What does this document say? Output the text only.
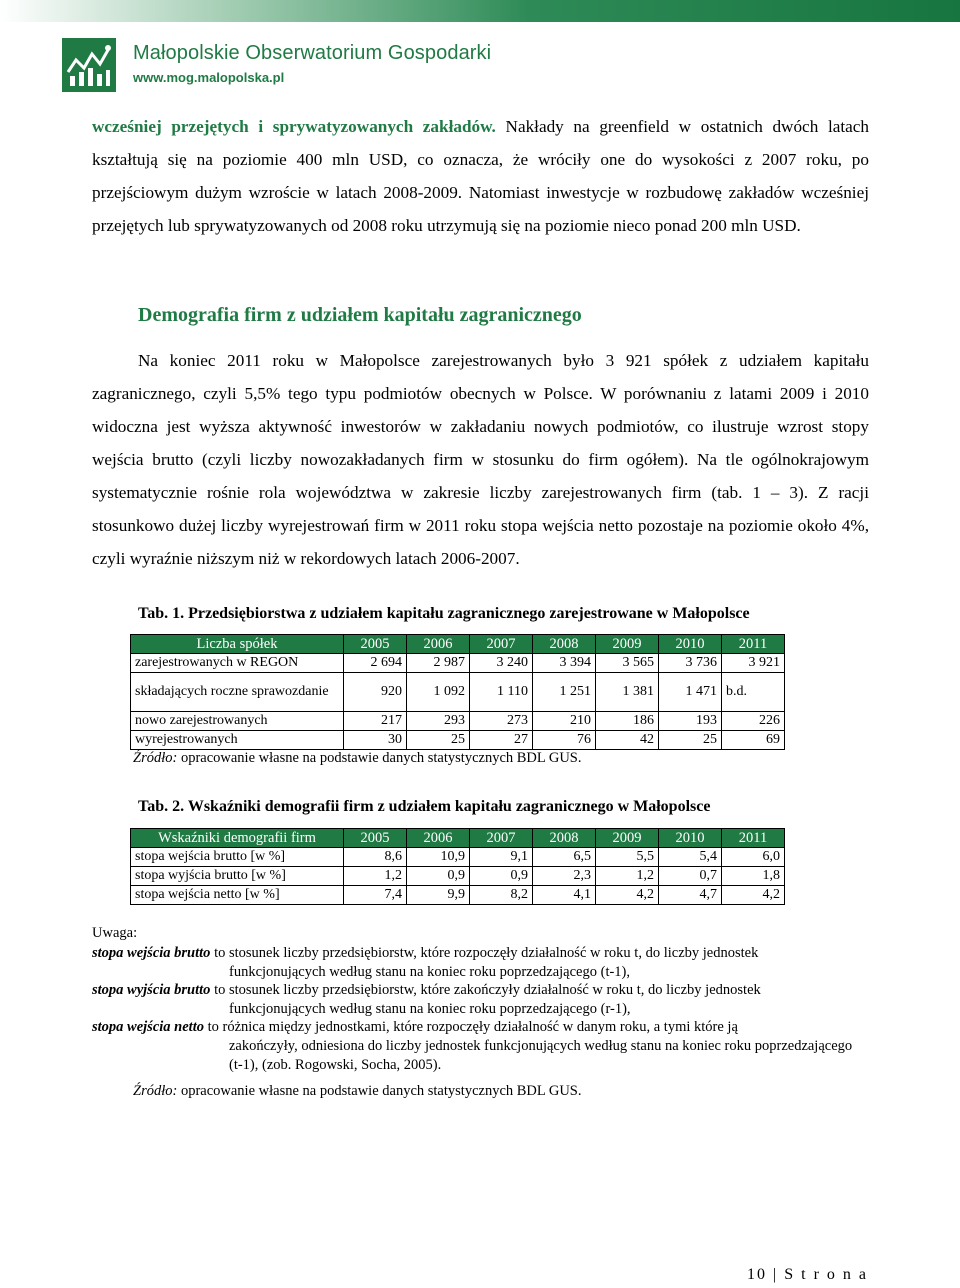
Małopolskie Obserwatorium Gospodarki
www.mog.malopolska.pl

wcześniej przejętych i sprywatyzowanych zakładów. Nakłady na greenfield w ostatnich dwóch latach kształtują się na poziomie 400 mln USD, co oznacza, że wróciły one do wysokości z 2007 roku, po przejściowym dużym wzroście w latach 2008-2009. Natomiast inwestycje w rozbudowę zakładów wcześniej przejętych lub sprywatyzowanych od 2008 roku utrzymują się na poziomie nieco ponad 200 mln USD.

Demografia firm z udziałem kapitału zagranicznego

Na koniec 2011 roku w Małopolsce zarejestrowanych było 3 921 spółek z udziałem kapitału zagranicznego, czyli 5,5% tego typu podmiotów obecnych w Polsce. W porównaniu z latami 2009 i 2010 widoczna jest wyższa aktywność inwestorów w zakładaniu nowych podmiotów, co ilustruje wzrost stopy wejścia brutto (czyli liczby nowozakładanych firm w stosunku do firm ogółem). Na tle ogólnokrajowym systematycznie rośnie rola województwa w zakresie liczby zarejestrowanych firm (tab. 1 – 3). Z racji stosunkowo dużej liczby wyrejestrowań firm w 2011 roku stopa wejścia netto pozostaje na poziomie około 4%, czyli wyraźnie niższym niż w rekordowych latach 2006-2007.

Tab. 1. Przedsiębiorstwa z udziałem kapitału zagranicznego zarejestrowane w Małopolsce

Liczba spółek	2005	2006	2007	2008	2009	2010	2011
zarejestrowanych w REGON	2 694	2 987	3 240	3 394	3 565	3 736	3 921
składających roczne sprawozdanie	920	1 092	1 110	1 251	1 381	1 471	b.d.
nowo zarejestrowanych	217	293	273	210	186	193	226
wyrejestrowanych	30	25	27	76	42	25	69

Źródło: opracowanie własne na podstawie danych statystycznych BDL GUS.

Tab. 2. Wskaźniki demografii firm z udziałem kapitału zagranicznego w Małopolsce

Wskaźniki demografii firm	2005	2006	2007	2008	2009	2010	2011
stopa wejścia brutto [w %]	8,6	10,9	9,1	6,5	5,5	5,4	6,0
stopa wyjścia brutto [w %]	1,2	0,9	0,9	2,3	1,2	0,7	1,8
stopa wejścia netto [w %]	7,4	9,9	8,2	4,1	4,2	4,7	4,2

Uwaga:

stopa wejścia brutto to stosunek liczby przedsiębiorstw, które rozpoczęły działalność w roku t, do liczby jednostek
funkcjonujących według stanu na koniec roku poprzedzającego (t-1),

stopa wyjścia brutto to stosunek liczby przedsiębiorstw, które zakończyły działalność w roku t, do liczby jednostek
funkcjonujących według stanu na koniec roku poprzedzającego (r-1),

stopa wejścia netto to różnica między jednostkami, które rozpoczęły działalność w danym roku, a tymi które ją
zakończyły, odniesiona do liczby jednostek funkcjonujących według stanu na koniec roku poprzedzającego (t-1), (zob. Rogowski, Socha, 2005).

Źródło: opracowanie własne na podstawie danych statystycznych BDL GUS.

10 | S t r o n a
